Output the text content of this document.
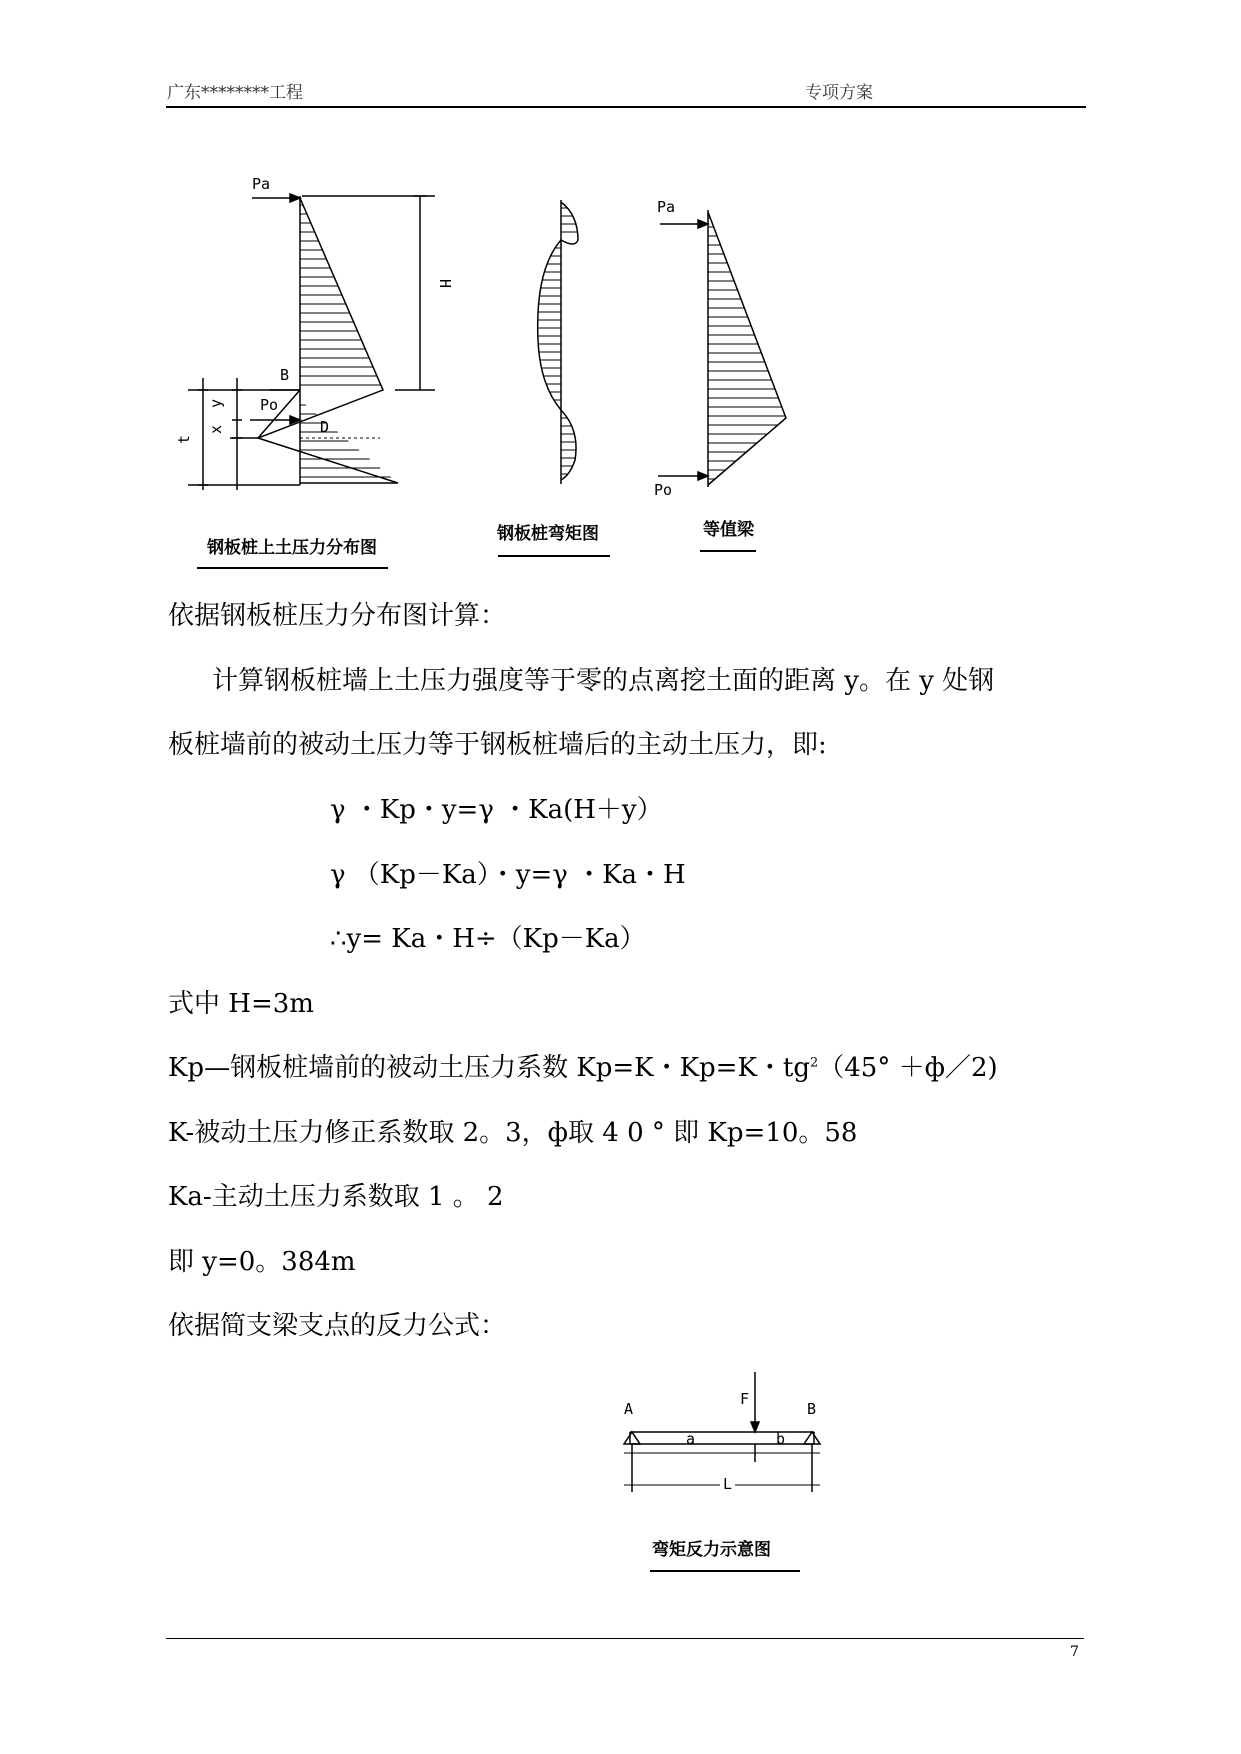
广东********工程	专项方案
Pa
H
B
Po
D
y
x
t
钢板桩上土压力分布图
钢板桩弯矩图
Pa
Po
等值梁
A	B
F
a	b
L
弯矩反力示意图
依据钢板桩压力分布图计算：
计算钢板桩墙上土压力强度等于零的点离挖土面的距离 y。在 y 处钢
板桩墙前的被动土压力等于钢板桩墙后的主动土压力，即:
γ ・Kp・y=γ ・Ka(H＋y）
γ （Kp－Ka）・y=γ ・Ka・H
∴y= Ka・H÷（Kp－Ka）
式中 H=3m
Kp—钢板桩墙前的被动土压力系数 Kp=K・Kp=K・$tg^2(45^\circ$ ＋ф／2)
K-被动土压力修正系数取 2。3，ф取 4 0 ° 即 Kp=10。58
Ka-主动土压力系数取 1 。 2
即 y=0。384m
依据简支梁支点的反力公式：
7
